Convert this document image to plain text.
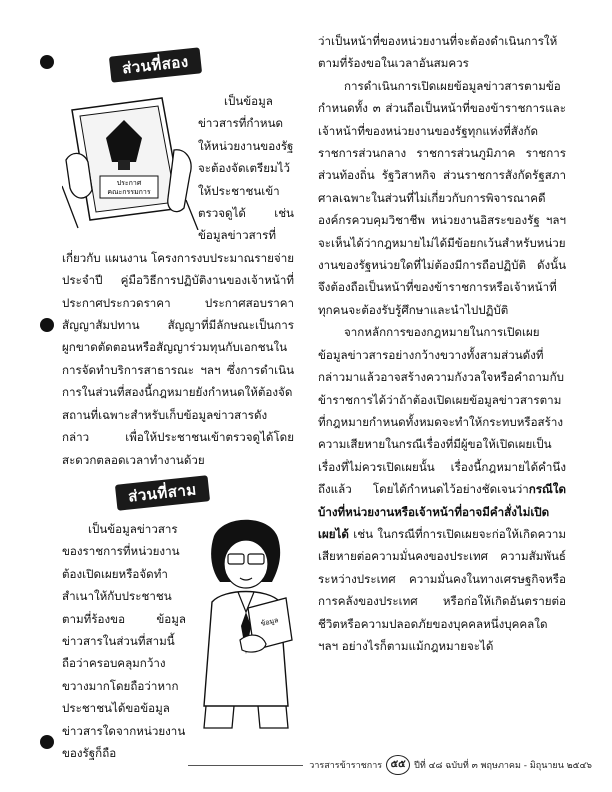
ส่วนที่สอง
ประกาศ
คณะกรรมการ

เป็นข้อมูลข่าวสารที่กำหนดให้หน่วยงานของรัฐจะต้องจัดเตรียมไว้ให้ประชาชนเข้าตรวจดูได้ เช่นข้อมูลข่าวสารที่เกี่ยวกับ แผนงาน โครงการงบประมาณรายจ่ายประจำปี คู่มือวิธีการปฏิบัติงานของเจ้าหน้าที่ ประกาศประกวดราคา ประกาศสอบราคา สัญญาสัมปทาน สัญญาที่มีลักษณะเป็นการผูกขาดตัดตอนหรือสัญญาร่วมทุนกับเอกชนในการจัดทำบริการสาธารณะ ฯลฯ ซึ่งการดำเนินการในส่วนที่สองนี้กฎหมายยังกำหนดให้ต้องจัดสถานที่เฉพาะสำหรับเก็บข้อมูลข่าวสารดังกล่าว เพื่อให้ประชาชนเข้าตรวจดูได้โดยสะดวกตลอดเวลาทำงานด้วย

ส่วนที่สาม
ข้อมูล

เป็นข้อมูลข่าวสารของราชการที่หน่วยงานต้องเปิดเผยหรือจัดทำสำเนาให้กับประชาชนตามที่ร้องขอ ข้อมูลข่าวสารในส่วนที่สามนี้ถือว่าครอบคลุมกว้างขวางมากโดยถือว่าหากประชาชนได้ขอข้อมูลข่าวสารใดจากหน่วยงานของรัฐก็ถือ

ว่าเป็นหน้าที่ของหน่วยงานที่จะต้องดำเนินการให้ตามที่ร้องขอในเวลาอันสมควร

การดำเนินการเปิดเผยข้อมูลข่าวสารตามข้อกำหนดทั้ง ๓ ส่วนถือเป็นหน้าที่ของข้าราชการและเจ้าหน้าที่ของหน่วยงานของรัฐทุกแห่งที่สังกัดราชการส่วนกลาง ราชการส่วนภูมิภาค ราชการส่วนท้องถิ่น รัฐวิสาหกิจ ส่วนราชการสังกัดรัฐสภา ศาลเฉพาะในส่วนที่ไม่เกี่ยวกับการพิจารณาคดี องค์กรควบคุมวิชาชีพ หน่วยงานอิสระของรัฐ ฯลฯ จะเห็นได้ว่ากฎหมายไม่ได้มีข้อยกเว้นสำหรับหน่วยงานของรัฐหน่วยใดที่ไม่ต้องมีการถือปฏิบัติ ดังนั้นจึงต้องถือเป็นหน้าที่ของข้าราชการหรือเจ้าหน้าที่ทุกคนจะต้องรับรู้ศึกษาและนำไปปฏิบัติ

จากหลักการของกฎหมายในการเปิดเผยข้อมูลข่าวสารอย่างกว้างขวางทั้งสามส่วนดังที่กล่าวมาแล้วอาจสร้างความกังวลใจหรือคำถามกับข้าราชการได้ว่าถ้าต้องเปิดเผยข้อมูลข่าวสารตามที่กฎหมายกำหนดทั้งหมดจะทำให้กระทบหรือสร้างความเสียหายในกรณีเรื่องที่มีผู้ขอให้เปิดเผยเป็นเรื่องที่ไม่ควรเปิดเผยนั้น เรื่องนี้กฎหมายได้คำนึงถึงแล้ว โดยได้กำหนดไว้อย่างชัดเจนว่ากรณีใดบ้างที่หน่วยงานหรือเจ้าหน้าที่อาจมีคำสั่งไม่เปิดเผยได้ เช่น ในกรณีที่การเปิดเผยจะก่อให้เกิดความเสียหายต่อความมั่นคงของประเทศ ความสัมพันธ์ระหว่างประเทศ ความมั่นคงในทางเศรษฐกิจหรือการคลังของประเทศ หรือก่อให้เกิดอันตรายต่อชีวิตหรือความปลอดภัยของบุคคลหนึ่งบุคคลใด ฯลฯ อย่างไรก็ตามแม้กฎหมายจะได้

วารสารข้าราชการ ๕๕ ปีที่ ๔๘ ฉบับที่ ๓ พฤษภาคม - มิถุนายน ๒๕๔๖
